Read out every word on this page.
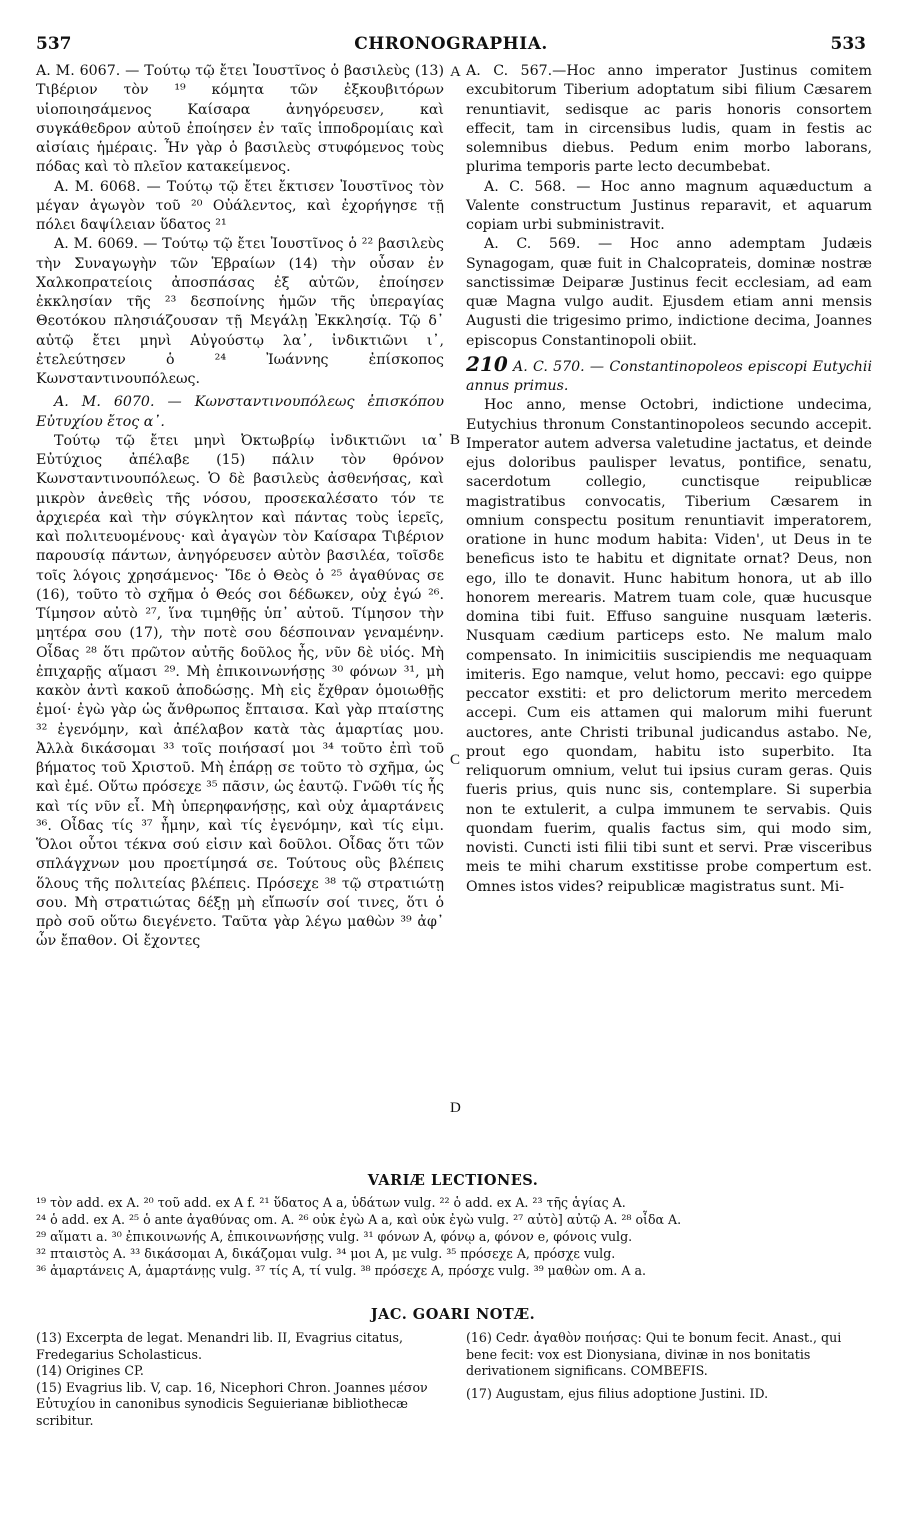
537	CHRONOGRAPHIA.	533
A
B
C
D

A. M. 6067. — Τούτῳ τῷ ἔτει Ἰουστῖνος ὁ βασιλεὺς (13) Τιβέριον τὸν ¹⁹ κόμητα τῶν ἐξκουβιτόρων υἱοποιησάμενος Καίσαρα ἀνηγόρευσεν, καὶ συγκάθεδρον αὐτοῦ ἐποίησεν ἐν ταῖς ἱπποδρομίαις καὶ αἰσίαις ἡμέραις. Ἦν γὰρ ὁ βασιλεὺς στυφόμενος τοὺς πόδας καὶ τὸ πλεῖον κατακείμενος.

A. M. 6068. — Τούτῳ τῷ ἔτει ἔκτισεν Ἰουστῖνος τὸν μέγαν ἀγωγὸν τοῦ ²⁰ Οὐάλεντος, καὶ ἐχορήγησε τῇ πόλει δαψίλειαν ὕδατος ²¹

A. M. 6069. — Τούτῳ τῷ ἔτει Ἰουστῖνος ὁ ²² βασιλεὺς τὴν Συναγωγὴν τῶν Ἑβραίων (14) τὴν οὖσαν ἐν Χαλκοπρατείοις ἀποσπάσας ἐξ αὐτῶν, ἐποίησεν ἐκκλησίαν τῆς ²³ δεσποίνης ἡμῶν τῆς ὑπεραγίας Θεοτόκου πλησιάζουσαν τῇ Μεγάλῃ Ἐκκλησίᾳ. Τῷ δ᾽ αὐτῷ ἔτει μηνὶ Αὐγούστῳ λα᾽, ἰνδικτιῶνι ι᾽, ἐτελεύτησεν ὁ ²⁴ Ἰωάννης ἐπίσκοπος Κωνσταντινουπόλεως.

A. M. 6070. — Κωνσταντινουπόλεως ἐπισκόπου Εὐτυχίου ἔτος α᾽.

Τούτῳ τῷ ἔτει μηνὶ Ὀκτωβρίῳ ἰνδικτιῶνι ια᾽ Εὐτύχιος ἀπέλαβε (15) πάλιν τὸν θρόνον Κωνσταντινουπόλεως. Ὁ δὲ βασιλεὺς ἀσθενήσας, καὶ μικρὸν ἀνεθεὶς τῆς νόσου, προσεκαλέσατο τόν τε ἀρχιερέα καὶ τὴν σύγκλητον καὶ πάντας τοὺς ἱερεῖς, καὶ πολιτευομένους· καὶ ἀγαγὼν τὸν Καίσαρα Τιβέριον παρουσίᾳ πάντων, ἀνηγόρευσεν αὐτὸν βασιλέα, τοῖσδε τοῖς λόγοις χρησάμενος· Ἴδε ὁ Θεὸς ὁ ²⁵ ἀγαθύνας σε (16), τοῦτο τὸ σχῆμα ὁ Θεός σοι δέδωκεν, οὐχ ἐγώ ²⁶. Τίμησον αὐτὸ ²⁷, ἵνα τιμηθῇς ὑπ᾽ αὐτοῦ. Τίμησον τὴν μητέρα σου (17), τὴν ποτὲ σου δέσποιναν γεναμένην. Οἶδας ²⁸ ὅτι πρῶτον αὐτῆς δοῦλος ἦς, νῦν δὲ υἱός. Μὴ ἐπιχαρῇς αἵμασι ²⁹. Μὴ ἐπικοινωνήσῃς ³⁰ φόνων ³¹, μὴ κακὸν ἀντὶ κακοῦ ἀποδώσῃς. Μὴ εἰς ἔχθραν ὁμοιωθῇς ἐμοί· ἐγὼ γὰρ ὡς ἄνθρωπος ἔπταισα. Καὶ γὰρ πταίστης ³² ἐγενόμην, καὶ ἀπέλαβον κατὰ τὰς ἁμαρτίας μου. Ἀλλὰ δικάσομαι ³³ τοῖς ποιήσασί μοι ³⁴ τοῦτο ἐπὶ τοῦ βήματος τοῦ Χριστοῦ. Μὴ ἐπάρῃ σε τοῦτο τὸ σχῆμα, ὡς καὶ ἐμέ. Οὕτω πρόσεχε ³⁵ πᾶσιν, ὡς ἑαυτῷ. Γνῶθι τίς ἧς καὶ τίς νῦν εἶ. Μὴ ὑπερηφανήσῃς, καὶ οὐχ ἁμαρτάνεις ³⁶. Οἶδας τίς ³⁷ ἦμην, καὶ τίς ἐγενόμην, καὶ τίς εἰμι. Ὅλοι οὗτοι τέκνα σού εἰσιν καὶ δοῦλοι. Οἶδας ὅτι τῶν σπλάγχνων μου προετίμησά σε. Τούτους οὓς βλέπεις ὅλους τῆς πολιτείας βλέπεις. Πρόσεχε ³⁸ τῷ στρατιώτῃ σου. Μὴ στρατιώτας δέξῃ μὴ εἴπωσίν σοί τινες, ὅτι ὁ πρὸ σοῦ οὕτω διεγένετο. Ταῦτα γὰρ λέγω μαθὼν ³⁹ ἀφ᾽ ὧν ἔπαθον. Οἱ ἔχοντες

A. C. 567.—Hoc anno imperator Justinus comitem excubitorum Tiberium adoptatum sibi filium Cæsarem renuntiavit, sedisque ac paris honoris consortem effecit, tam in circensibus ludis, quam in festis ac solemnibus diebus. Pedum enim morbo laborans, plurima temporis parte lecto decumbebat.

A. C. 568. — Hoc anno magnum aquæductum a Valente constructum Justinus reparavit, et aquarum copiam urbi subministravit.

A. C. 569. — Hoc anno ademptam Judæis Synagogam, quæ fuit in Chalcoprateis, dominæ nostræ sanctissimæ Deiparæ Justinus fecit ecclesiam, ad eam quæ Magna vulgo audit. Ejusdem etiam anni mensis Augusti die trigesimo primo, indictione decima, Joannes episcopus Constantinopoli obiit.

210 A. C. 570. — Constantinopoleos episcopi Eutychii annus primus.

Hoc anno, mense Octobri, indictione undecima, Eutychius thronum Constantinopoleos secundo accepit. Imperator autem adversa valetudine jactatus, et deinde ejus doloribus paulisper levatus, pontifice, senatu, sacerdotum collegio, cunctisque reipublicæ magistratibus convocatis, Tiberium Cæsarem in omnium conspectu positum renuntiavit imperatorem, oratione in hunc modum habita: Viden', ut Deus in te beneficus isto te habitu et dignitate ornat? Deus, non ego, illo te donavit. Hunc habitum honora, ut ab illo honorem merearis. Matrem tuam cole, quæ hucusque domina tibi fuit. Effuso sanguine nusquam læteris. Nusquam cædium particeps esto. Ne malum malo compensato. In inimicitiis suscipiendis me nequaquam imiteris. Ego namque, velut homo, peccavi: ego quippe peccator exstiti: et pro delictorum merito mercedem accepi. Cum eis attamen qui malorum mihi fuerunt auctores, ante Christi tribunal judicandus astabo. Ne, prout ego quondam, habitu isto superbito. Ita reliquorum omnium, velut tui ipsius curam geras. Quis fueris prius, quis nunc sis, contemplare. Si superbia non te extulerit, a culpa immunem te servabis. Quis quondam fuerim, qualis factus sim, qui modo sim, novisti. Cuncti isti filii tibi sunt et servi. Præ visceribus meis te mihi charum exstitisse probe compertum est. Omnes istos vides? reipublicæ magistratus sunt. Mi-

VARIÆ LECTIONES.
¹⁹ τὸν add. ex A. ²⁰ τοῦ add. ex A f. ²¹ ὕδατος A a, ὑδάτων vulg. ²² ὁ add. ex A. ²³ τῆς ἁγίας A.
²⁴ ὁ add. ex A. ²⁵ ὁ ante ἀγαθύνας om. A. ²⁶ οὐκ ἐγὼ A a, καὶ οὐκ ἐγὼ vulg. ²⁷ αὐτὸ] αὐτῷ A. ²⁸ οἶδα A.
²⁹ αἵματι a. ³⁰ ἐπικοινωνής A, ἐπικοινωνήσῃς vulg. ³¹ φόνων A, φόνῳ a, φόνον e, φόνοις vulg.
³² πταιστὸς A. ³³ δικάσομαι A, δικάζομαι vulg. ³⁴ μοι A, με vulg. ³⁵ πρόσεχε A, πρόσχε vulg.
³⁶ ἁμαρτάνεις A, ἁμαρτάνῃς vulg. ³⁷ τίς A, τί vulg. ³⁸ πρόσεχε A, πρόσχε vulg. ³⁹ μαθὼν om. A a.
JAC. GOARI NOTÆ.

(13) Excerpta de legat. Menandri lib. II, Evagrius citatus, Fredegarius Scholasticus.

(14) Origines CP.

(15) Evagrius lib. V, cap. 16, Nicephori Chron. Joannes μέσον Εὐτυχίου in canonibus synodicis Seguierianæ bibliothecæ scribitur.

(16) Cedr. ἀγαθὸν ποιήσας: Qui te bonum fecit. Anast., qui bene fecit: vox est Dionysiana, divinæ in nos bonitatis derivationem significans. COMBEFIS.

(17) Augustam, ejus filius adoptione Justini. ID.
